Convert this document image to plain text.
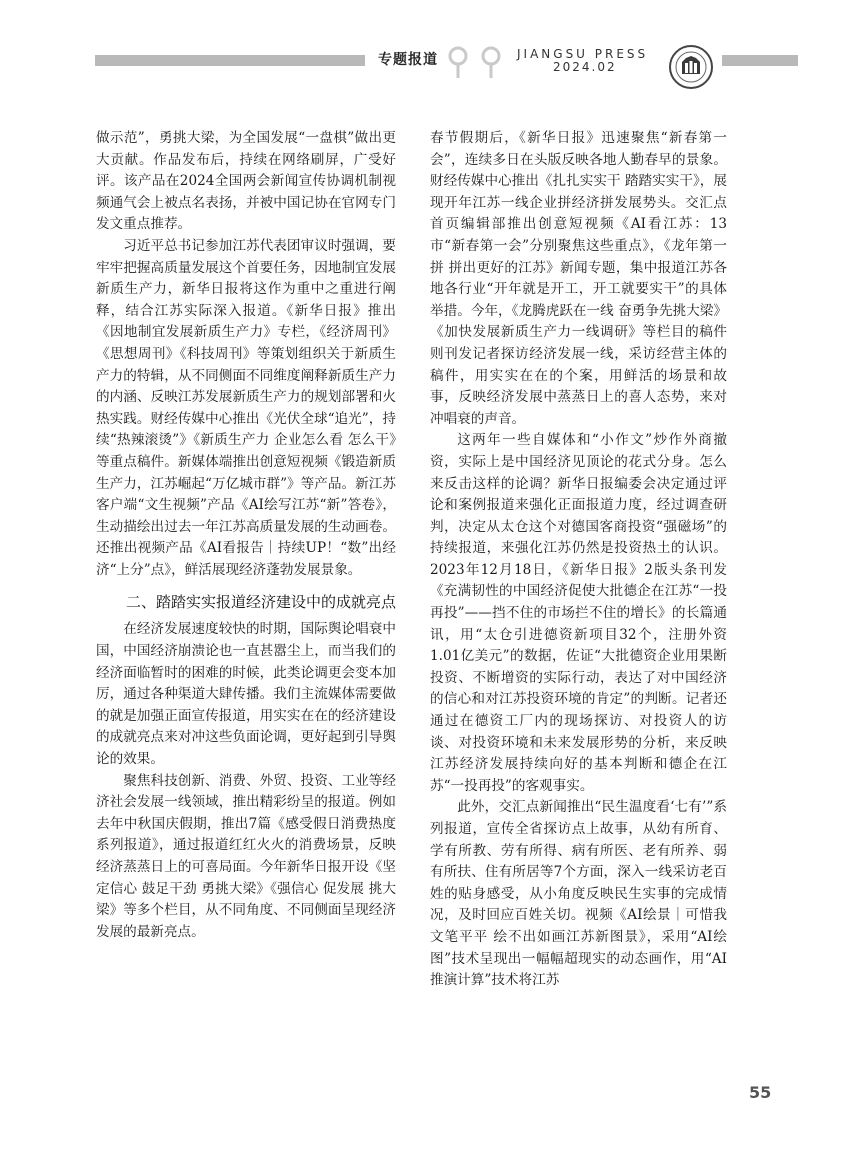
专题报道	JIANGSU PRESS
2024.02

做示范”，勇挑大梁，为全国发展“一盘棋”做出更大贡献。作品发布后，持续在网络刷屏，广受好评。该产品在2024全国两会新闻宣传协调机制视频通气会上被点名表扬，并被中国记协在官网专门发文重点推荐。

习近平总书记参加江苏代表团审议时强调，要牢牢把握高质量发展这个首要任务，因地制宜发展新质生产力，新华日报将这作为重中之重进行阐释，结合江苏实际深入报道。《新华日报》推出《因地制宜发展新质生产力》专栏，《经济周刊》《思想周刊》《科技周刊》等策划组织关于新质生产力的特辑，从不同侧面不同维度阐释新质生产力的内涵、反映江苏发展新质生产力的规划部署和火热实践。财经传媒中心推出《光伏全球“追光”，持续“热辣滚烫”》《新质生产力 企业怎么看 怎么干》等重点稿件。新媒体端推出创意短视频《锻造新质生产力，江苏崛起“万亿城市群”》等产品。新江苏客户端“文生视频”产品《AI绘写江苏“新”答卷》，生动描绘出过去一年江苏高质量发展的生动画卷。还推出视频产品《AI看报告｜持续UP！“数”出经济“上分”点》，鲜活展现经济蓬勃发展景象。

二、踏踏实实报道经济建设中的成就亮点

在经济发展速度较快的时期，国际舆论唱衰中国，中国经济崩溃论也一直甚嚣尘上，而当我们的经济面临暂时的困难的时候，此类论调更会变本加厉，通过各种渠道大肆传播。我们主流媒体需要做的就是加强正面宣传报道，用实实在在的经济建设的成就亮点来对冲这些负面论调，更好起到引导舆论的效果。

聚焦科技创新、消费、外贸、投资、工业等经济社会发展一线领域，推出精彩纷呈的报道。例如去年中秋国庆假期，推出7篇《感受假日消费热度系列报道》，通过报道红红火火的消费场景，反映经济蒸蒸日上的可喜局面。今年新华日报开设《坚定信心 鼓足干劲 勇挑大梁》《强信心 促发展 挑大梁》等多个栏目，从不同角度、不同侧面呈现经济发展的最新亮点。

春节假期后，《新华日报》迅速聚焦“新春第一会”，连续多日在头版反映各地人勤春早的景象。财经传媒中心推出《扎扎实实干 踏踏实实干》，展现开年江苏一线企业拼经济拼发展势头。交汇点首页编辑部推出创意短视频《AI看江苏：13市“新春第一会”分别聚焦这些重点》，《龙年第一拼 拼出更好的江苏》新闻专题，集中报道江苏各地各行业“开年就是开工，开工就要实干”的具体举措。今年，《龙腾虎跃在一线 奋勇争先挑大梁》《加快发展新质生产力一线调研》等栏目的稿件则刊发记者探访经济发展一线，采访经营主体的稿件，用实实在在的个案，用鲜活的场景和故事，反映经济发展中蒸蒸日上的喜人态势，来对冲唱衰的声音。

这两年一些自媒体和“小作文”炒作外商撤资，实际上是中国经济见顶论的花式分身。怎么来反击这样的论调？新华日报编委会决定通过评论和案例报道来强化正面报道力度，经过调查研判，决定从太仓这个对德国客商投资“强磁场”的持续报道，来强化江苏仍然是投资热土的认识。2023年12月18日，《新华日报》2版头条刊发《充满韧性的中国经济促使大批德企在江苏“一投再投”——挡不住的市场拦不住的增长》的长篇通讯，用“太仓引进德资新项目32个，注册外资1.01亿美元”的数据，佐证“大批德资企业用果断投资、不断增资的实际行动，表达了对中国经济的信心和对江苏投资环境的肯定”的判断。记者还通过在德资工厂内的现场探访、对投资人的访谈、对投资环境和未来发展形势的分析，来反映江苏经济发展持续向好的基本判断和德企在江苏“一投再投”的客观事实。

此外，交汇点新闻推出“民生温度看‘七有’”系列报道，宣传全省探访点上故事，从幼有所育、学有所教、劳有所得、病有所医、老有所养、弱有所扶、住有所居等7个方面，深入一线采访老百姓的贴身感受，从小角度反映民生实事的完成情况，及时回应百姓关切。视频《AI绘景｜可惜我文笔平平 绘不出如画江苏新图景》，采用“AI绘图”技术呈现出一幅幅超现实的动态画作，用“AI推演计算”技术将江苏

55
